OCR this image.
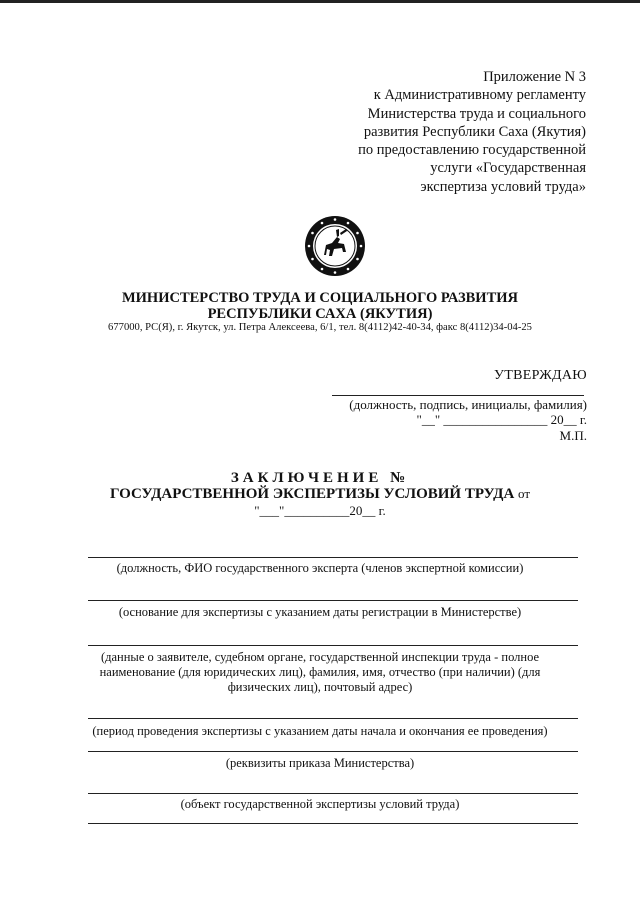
Приложение N 3
к Административному регламенту
Министерства труда и социального
развития Республики Саха (Якутия)
по предоставлению государственной
услуги «Государственная
экспертиза условий труда»
МИНИСТЕРСТВО ТРУДА И СОЦИАЛЬНОГО РАЗВИТИЯ
РЕСПУБЛИКИ САХА (ЯКУТИЯ)
677000, РС(Я), г. Якутск, ул. Петра Алексеева, 6/1, тел. 8(4112)42-40-34, факс 8(4112)34-04-25
УТВЕРЖДАЮ
(должность, подпись, инициалы, фамилия)
"__" ________________ 20__ г.
М.П.
ЗАКЛЮЧЕНИЕ №
ГОСУДАРСТВЕННОЙ ЭКСПЕРТИЗЫ УСЛОВИЙ ТРУДА от
"___"__________20__ г.
(должность, ФИО государственного эксперта (членов экспертной комиссии)
(основание для экспертизы с указанием даты регистрации в Министерстве)
(данные о заявителе, судебном органе, государственной инспекции труда - полное
наименование (для юридических лиц), фамилия, имя, отчество (при наличии) (для
физических лиц), почтовый адрес)
(период проведения экспертизы с указанием даты начала и окончания ее проведения)
(реквизиты приказа Министерства)
(объект государственной экспертизы условий труда)
